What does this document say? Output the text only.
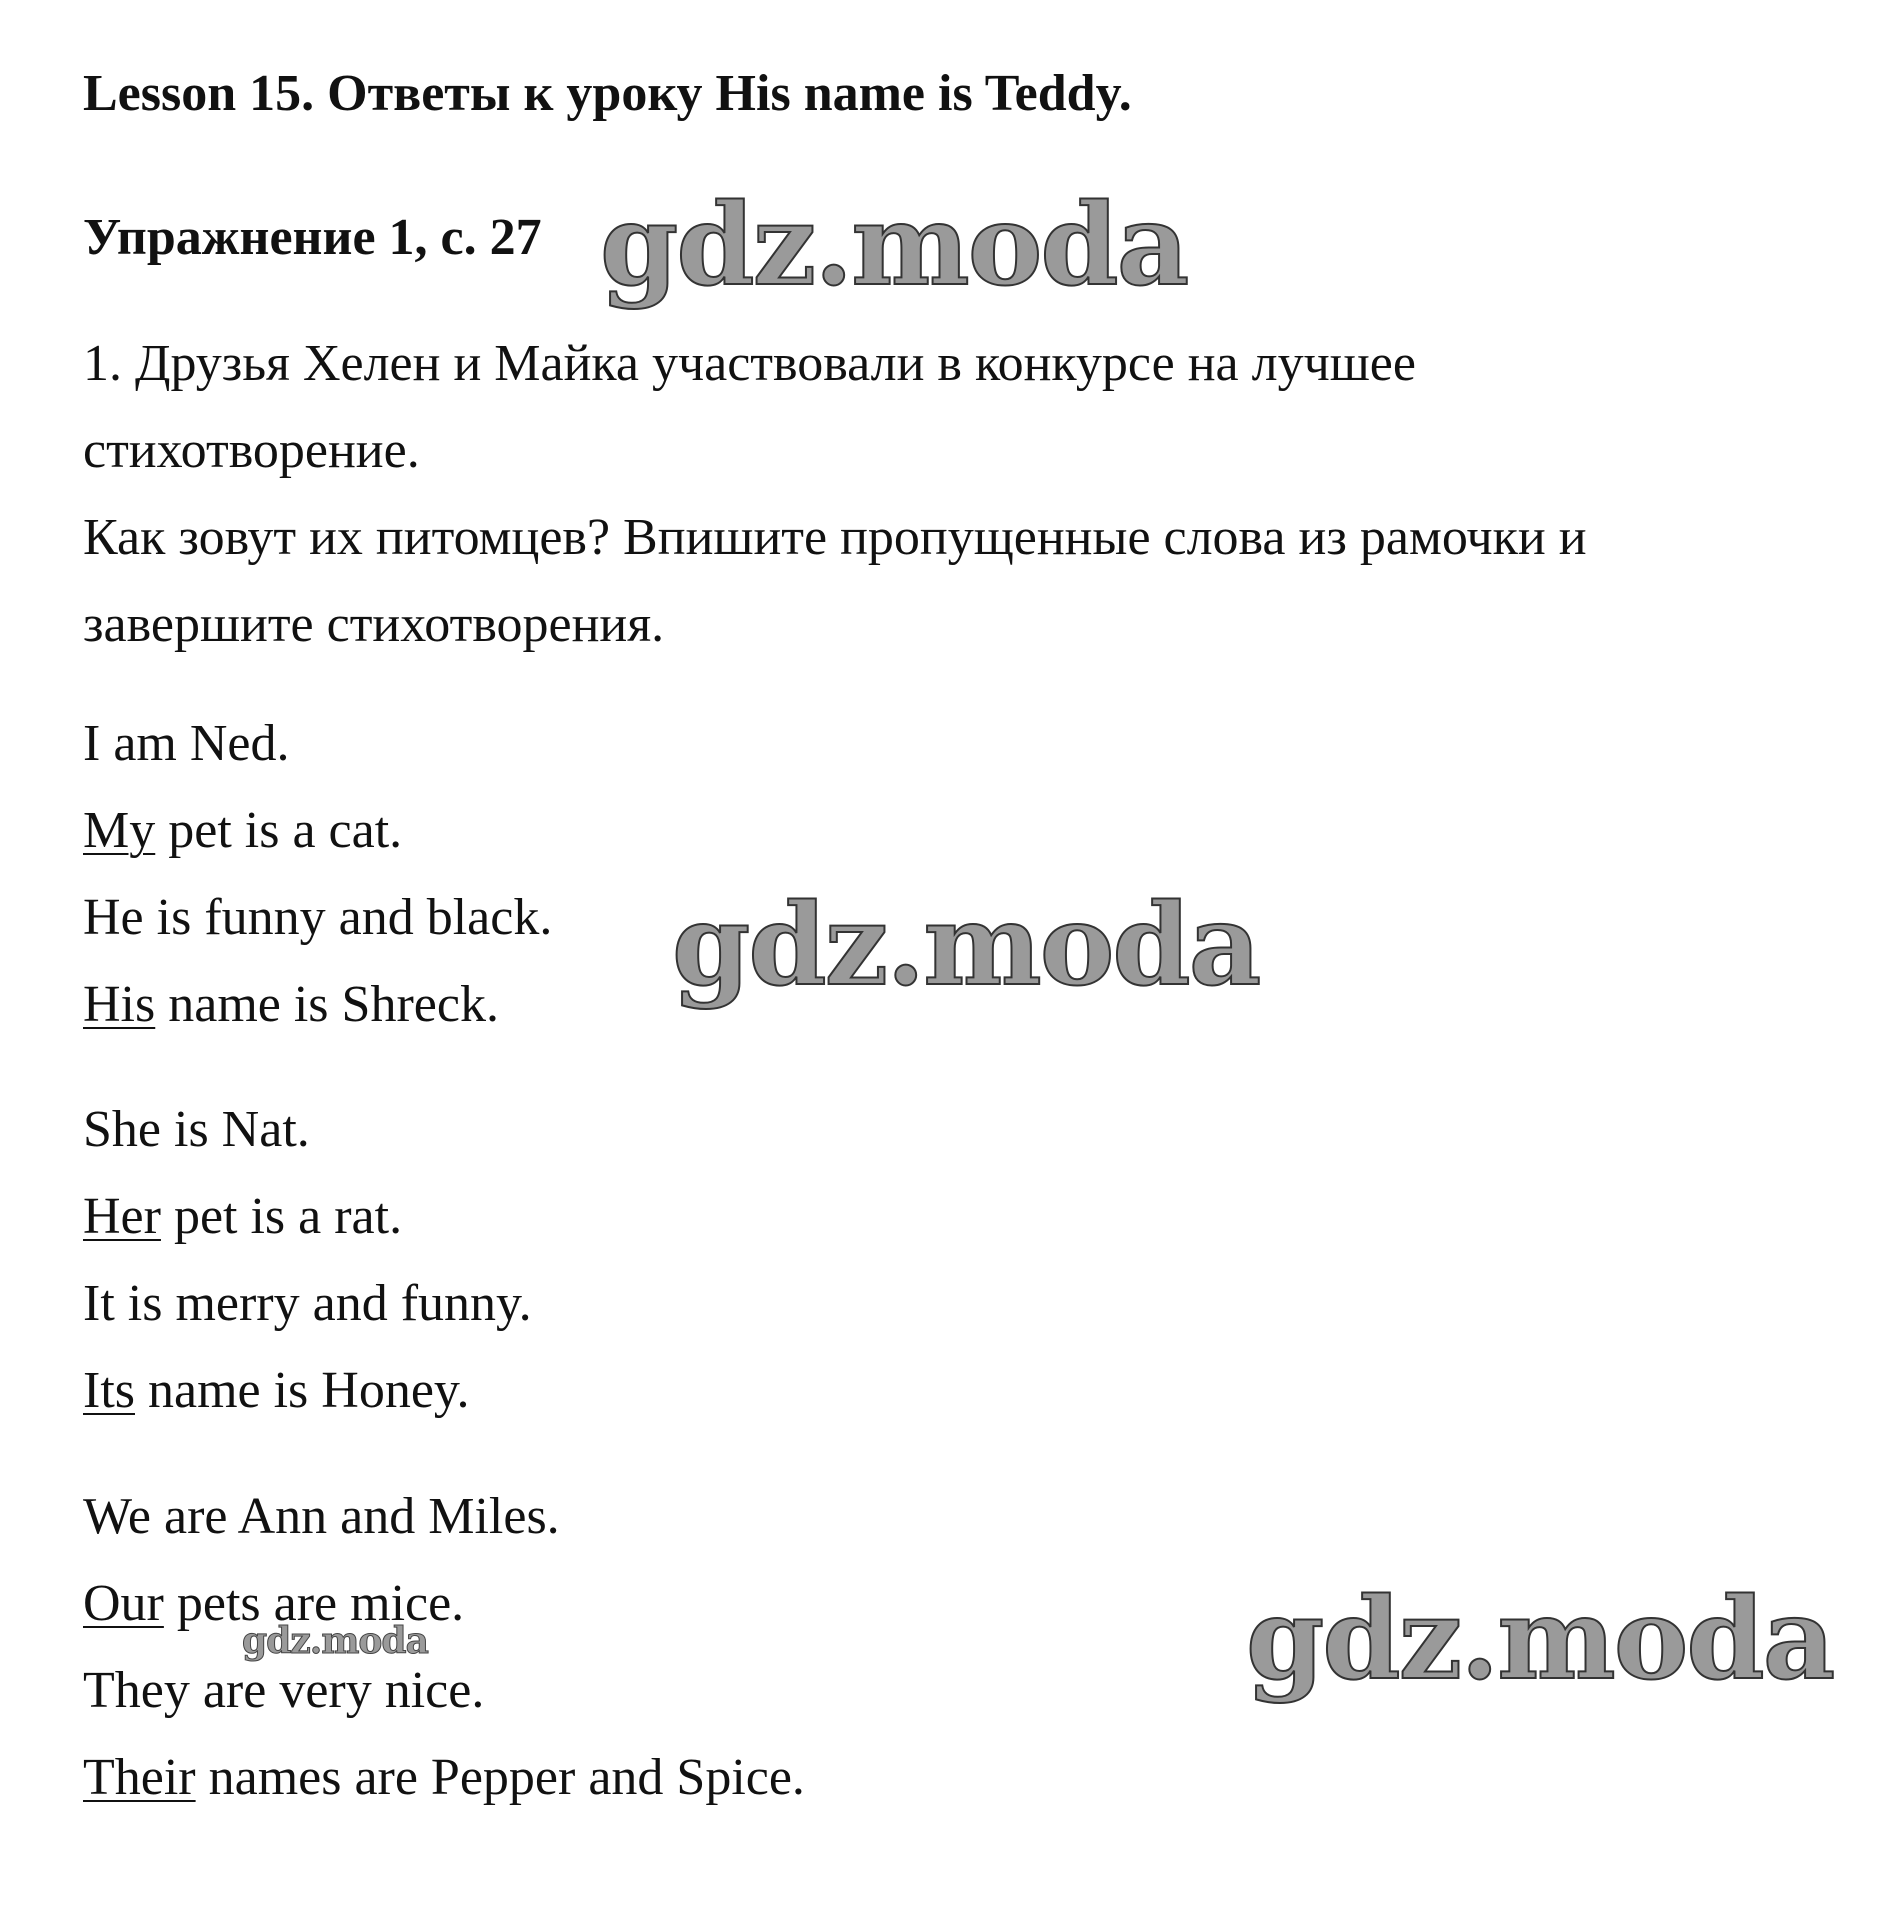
Lesson 15. Ответы к уроку His name is Teddy.
Упражнение 1, с. 27

1. Друзья Хелен и Майка участвовали в конкурсе на лучшее

стихотворение.

Как зовут их питомцев? Впишите пропущенные слова из рамочки и

завершите стихотворения.

I am Ned.
My pet is a cat.
He is funny and black.
His name is Shreck.
She is Nat.
Her pet is a rat.
It is merry and funny.
Its name is Honey.
We are Ann and Miles.
Our pets are mice.
They are very nice.
Their names are Pepper and Spice.
gdz.moda
gdz.moda
gdz.moda
gdz.moda
